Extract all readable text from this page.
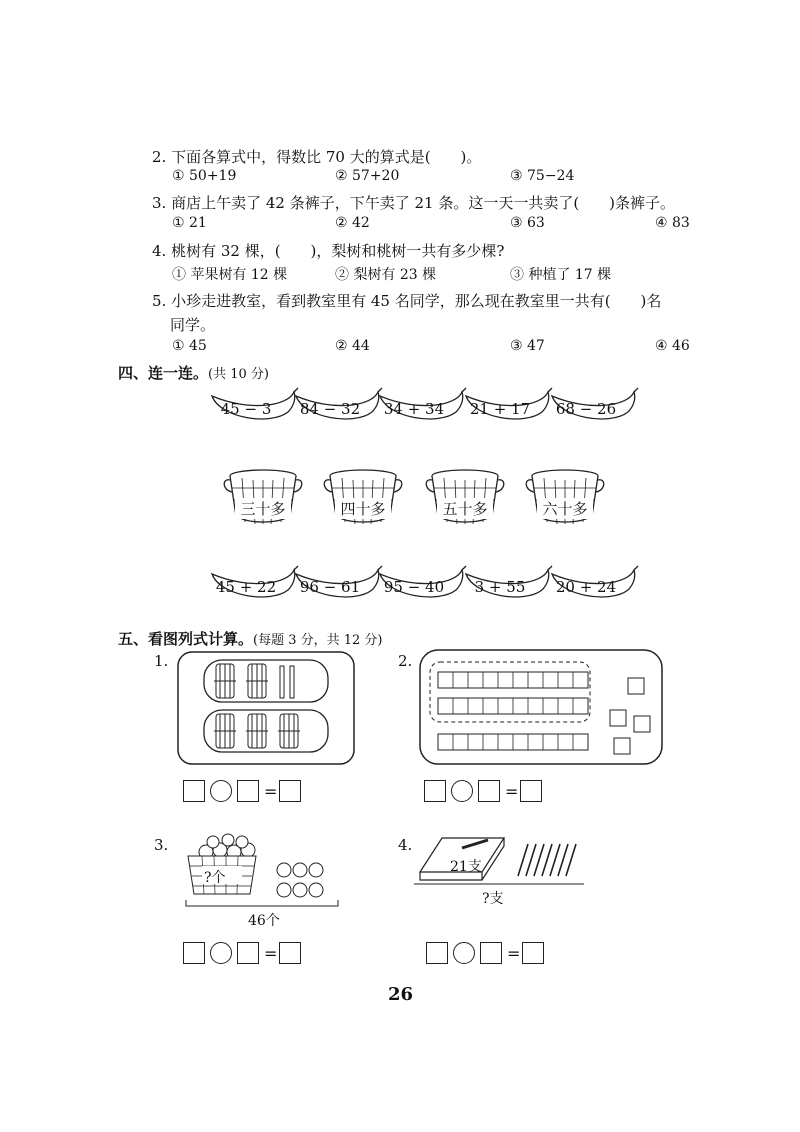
2. 下面各算式中，得数比 70 大的算式是(　　)。
① 50+19	② 57+20	③ 75−24
3. 商店上午卖了 42 条裤子，下午卖了 21 条。这一天一共卖了(　　)条裤子。
① 21	② 42	③ 63	④ 83
4. 桃树有 32 棵，(　　)，梨树和桃树一共有多少棵?
① 苹果树有 12 棵	② 梨树有 23 棵	③ 种植了 17 棵
5. 小珍走进教室，看到教室里有 45 名同学，那么现在教室里一共有(　　)名
同学。
① 45	② 44	③ 47	④ 46
四、连一连。(共 10 分)
45 − 3	84 − 32	34 + 34	21 + 17	68 − 26
三十多	四十多	五十多	六十多
45 + 22	96 − 61	95 − 40	3 + 55	20 + 24
五、看图列式计算。(每题 3 分，共 12 分)
1.	2.
3.	4.
?个
46个
21支
?支
=	=
=	=
26
